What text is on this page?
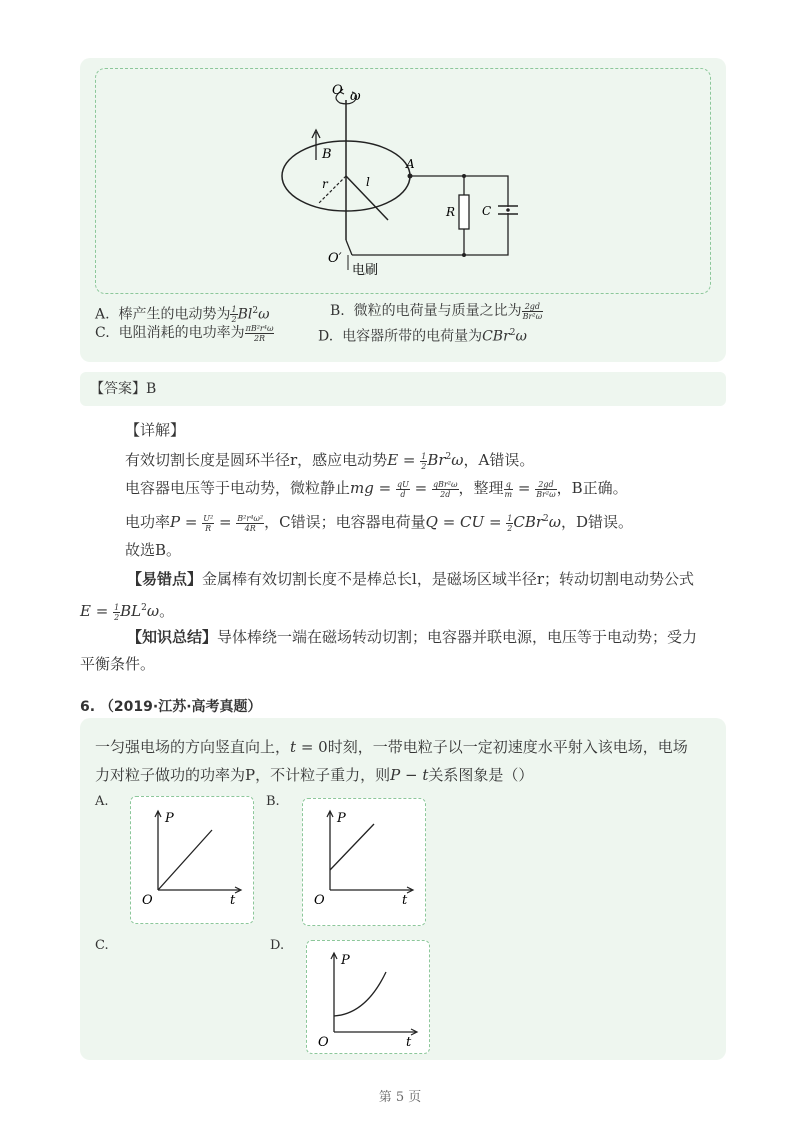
O ω
B
r	l
A
R C
O′
电刷
A. 棒产生的电动势为 $\frac{1}{2} Bl^2\omega$	B. 微粒的电荷量与质量之比为 $\frac{2gd}{\text{Br²ω}}$
C. 电阻消耗的电功率为 $\frac{\text{πB²r⁴ω}}{2R}$	D. 电容器所带的电荷量为CBr$^2$ω
【答案】B
【详解】
有效切割长度是圆环半径r，感应电动势$E = \frac{1}{2} Br^2\omega$，A错误。
电容器电压等于电动势，微粒静止mg = $\frac{qU}{d} = \frac{\text{qBr²ω}}{2d}$ ，整理 $\frac{q}{m} = \frac{2gd}{\text{Br²ω}}$ ，B正确。
电功率$P = \frac{\text{U²}}{R} = \frac{\text{B²r⁴ω²}}{4R}$ ，C错误；电容器电荷量Q = CU = $\frac{1}{2} CBr^2\omega$，D错误。
故选B。
【易错点】金属棒有效切割长度不是棒总长l，是磁场区域半径r；转动切割电动势公式
$E = \frac{1}{2} BL^2\omega$。
【知识总结】导体棒绕一端在磁场转动切割；电容器并联电源，电压等于电动势；受力
平衡条件。
6. （2019·江苏·高考真题）
一匀强电场的方向竖直向上，t = 0时刻，一带电粒子以一定初速度水平射入该电场，电场
力对粒子做功的功率为P，不计粒子重力，则P − t关系图象是（）
A.	B.
C.	D.
P
O	t
P
O	t
P
O	t
第 5 页
